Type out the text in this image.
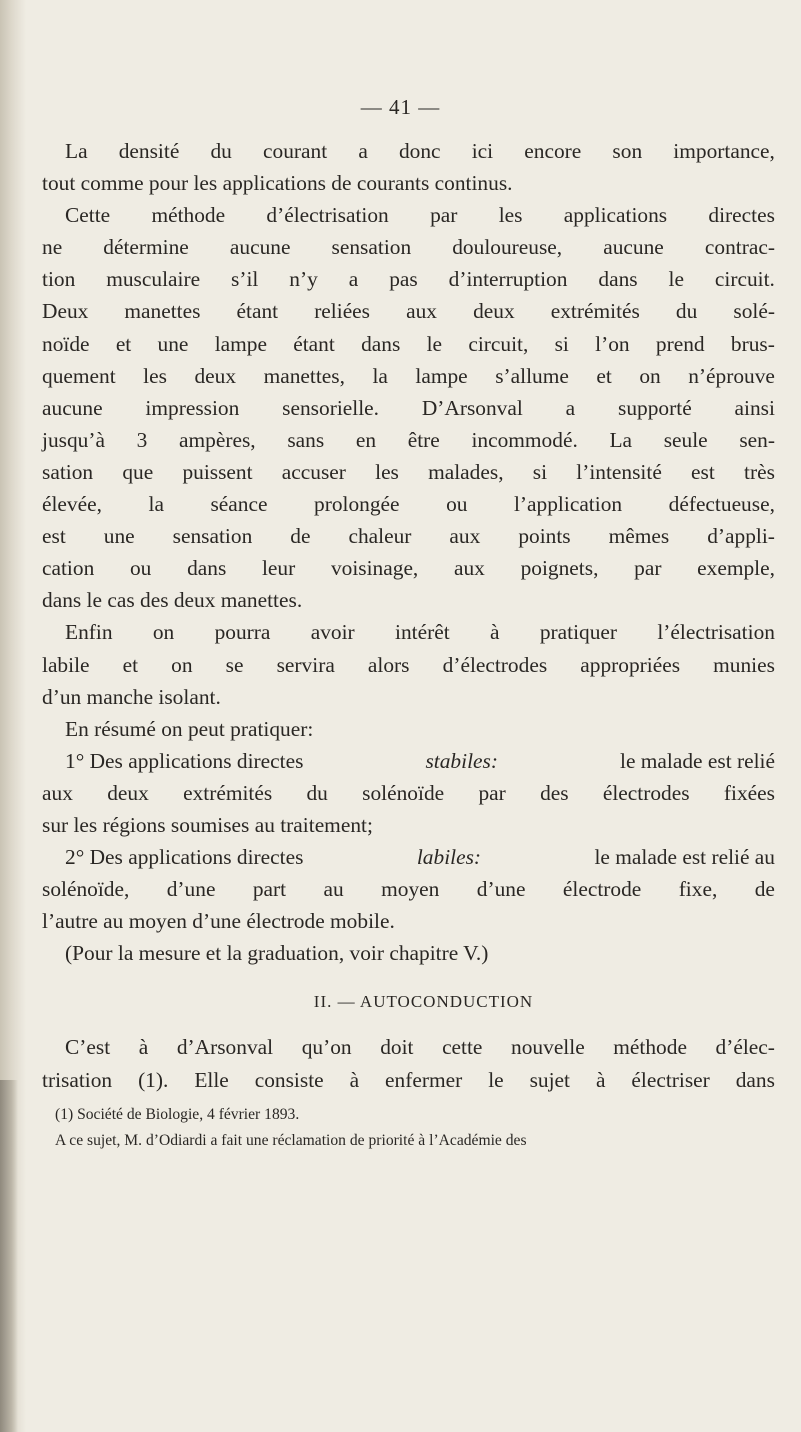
— 41 —
La densité du courant a donc ici encore son importance,
tout comme pour les applications de courants continus.
Cette méthode d’électrisation par les applications directes
ne détermine aucune sensation douloureuse, aucune contrac-
tion musculaire s’il n’y a pas d’interruption dans le circuit.
Deux manettes étant reliées aux deux extrémités du solé-
noïde et une lampe étant dans le circuit, si l’on prend brus-
quement les deux manettes, la lampe s’allume et on n’éprouve
aucune impression sensorielle. D’Arsonval a supporté ainsi
jusqu’à 3 ampères, sans en être incommodé. La seule sen-
sation que puissent accuser les malades, si l’intensité est très
élevée, la séance prolongée ou l’application défectueuse,
est une sensation de chaleur aux points mêmes d’appli-
cation ou dans leur voisinage, aux poignets, par exemple,
dans le cas des deux manettes.
Enfin on pourra avoir intérêt à pratiquer l’électrisation
labile et on se servira alors d’électrodes appropriées munies
d’un manche isolant.
En résumé on peut pratiquer:
1° Des applications directes	stabiles:	le malade est relié
aux deux extrémités du solénoïde par des électrodes fixées
sur les régions soumises au traitement;
2° Des applications directes	labiles:	le malade est relié au
solénoïde, d’une part au moyen d’une électrode fixe, de
l’autre au moyen d’une électrode mobile.
(Pour la mesure et la graduation, voir chapitre V.)
II. — AUTOCONDUCTION
C’est à d’Arsonval qu’on doit cette nouvelle méthode d’élec-
trisation (1). Elle consiste à enfermer le sujet à électriser dans
(1) Société de Biologie, 4 février 1893.
A ce sujet, M. d’Odiardi a fait une réclamation de priorité à l’Académie des
